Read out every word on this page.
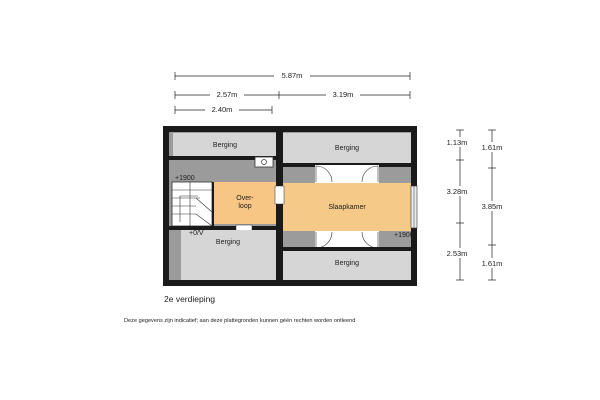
Berging	Berging
Over-
loop	Slaapkamer
Berging
Berging
+1900
+0/V	+1900
5.87m
2.57m	3.19m
2.40m
1.13m
3.28m
2.53m
1.61m
3.85m
1.61m
2e verdieping
Deze gegevens zijn indicatief; aan deze plattegronden kunnen géén rechten worden ontleend
